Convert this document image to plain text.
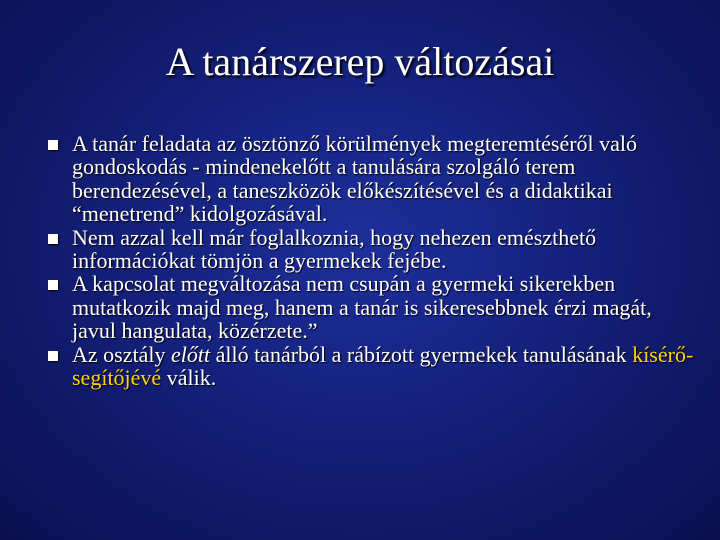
A tanárszerep változásai
A tanár feladata az ösztönző körülmények megteremtéséről való gondoskodás - mindenekelőtt a tanulására szolgáló terem berendezésével, a taneszközök előkészítésével és a didaktikai “menetrend” kidolgozásával.
Nem azzal kell már foglalkoznia, hogy nehezen emészthető információkat tömjön a gyermekek fejébe.
A kapcsolat megváltozása nem csupán a gyermeki sikerekben mutatkozik majd meg, hanem a tanár is sikeresebbnek érzi magát, javul hangulata, közérzete.”
Az osztály előtt álló tanárból a rábízott gyermekek tanulásának kísérő-segítőjévé válik.
